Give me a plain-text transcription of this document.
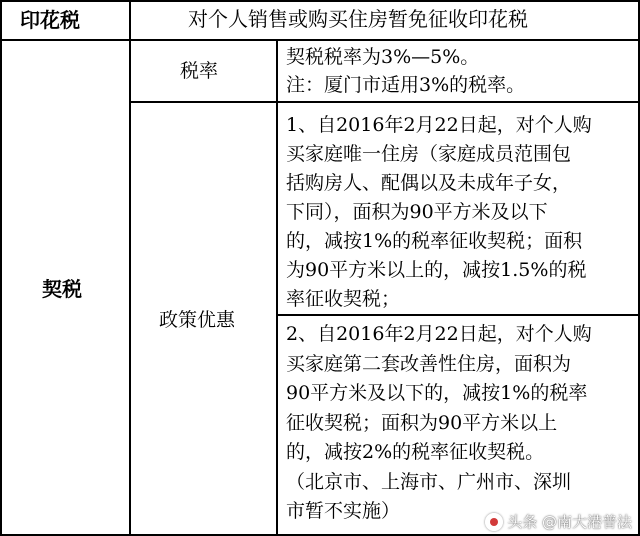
印花税	对个人销售或购买住房暂免征收印花税
契税
税率
契税税率为3%—5%。
注：厦门市适用3%的税率。
政策优惠
1、自2016年2月22日起，对个人购
买家庭唯一住房（家庭成员范围包
括购房人、配偶以及未成年子女，
下同），面积为90平方米及以下
的，减按1%的税率征收契税；面积
为90平方米以上的，减按1.5%的税
率征收契税；
2、自2016年2月22日起，对个人购
买家庭第二套改善性住房，面积为
90平方米及以下的，减按1%的税率
征收契税；面积为90平方米以上
的，减按2%的税率征收契税。
（北京市、上海市、广州市、深圳
市暂不实施）	头条 @南大港普法
